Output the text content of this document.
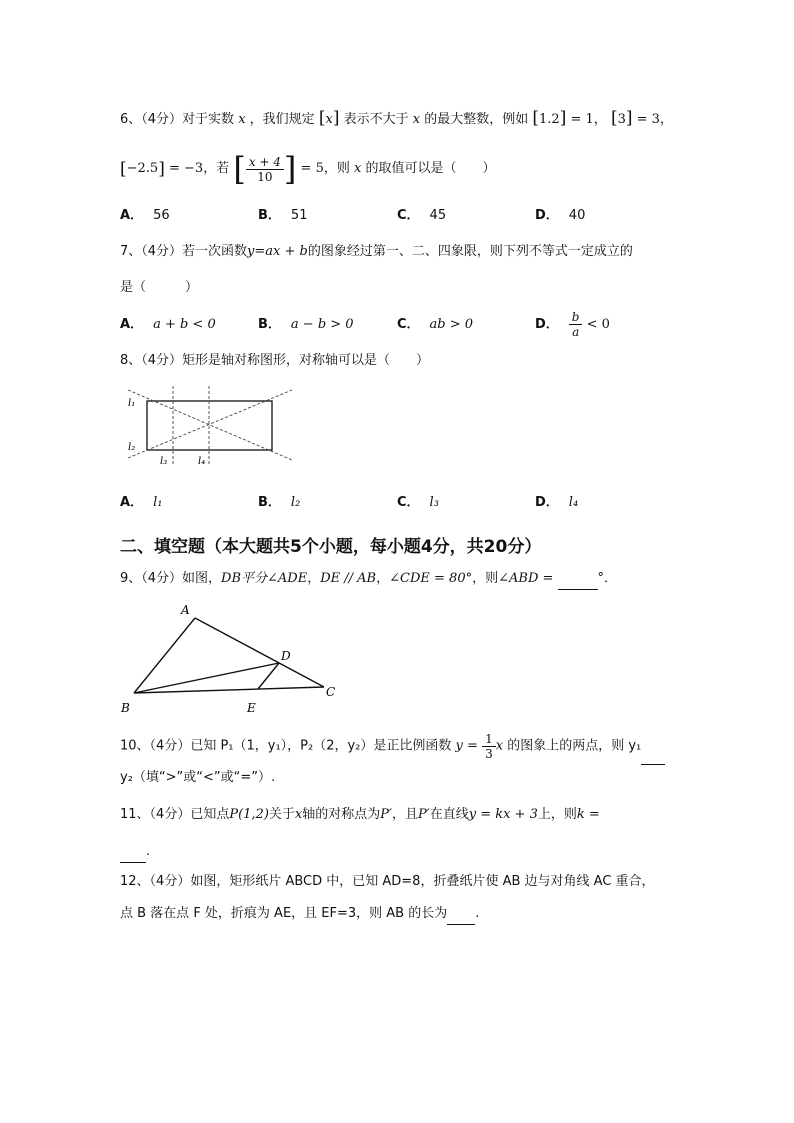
6、（4分）对于实数 x ，我们规定 [x] 表示不大于 x 的最大整数，例如 [1.2] = 1， [3] = 3，
[−2.5] = −3，若 [ $\frac{x + 4}{10}$ ] = 5，则 x 的取值可以是（　　）
A． 56	B． 51	C． 45	D． 40
7、（4分）若一次函数y=ax + b的图象经过第一、二、四象限，则下列不等式一定成立的
是（　　　）
A． a + b < 0	B． a − b > 0	C． ab > 0	D． $\frac{b}{a} < 0$
8、（4分）矩形是轴对称图形，对称轴可以是（　　）
l₁
l₂
l₃	l₄
A． l₁	B． l₂	C． l₃	D． l₄
二、填空题（本大题共5个小题，每小题4分，共20分）
9、（4分）如图，DB平分∠ADE，DE // AB，∠CDE = 80°，则∠ABD =	°．
A
B
C
D
E
10、（4分）已知 P₁（1，y₁），P₂（2，y₂）是正比例函数 $y = \frac{1}{3}$ x 的图象上的两点，则 y₁
y₂（填“>”或“<”或“=”）.
11、（4分）已知点P(1,2)关于x轴的对称点为P′，且P′在直线y = kx + 3上，则k =
.
12、（4分）如图，矩形纸片 ABCD 中，已知 AD=8，折叠纸片使 AB 边与对角线 AC 重合，
点 B 落在点 F 处，折痕为 AE，且 EF=3，则 AB 的长为 .
